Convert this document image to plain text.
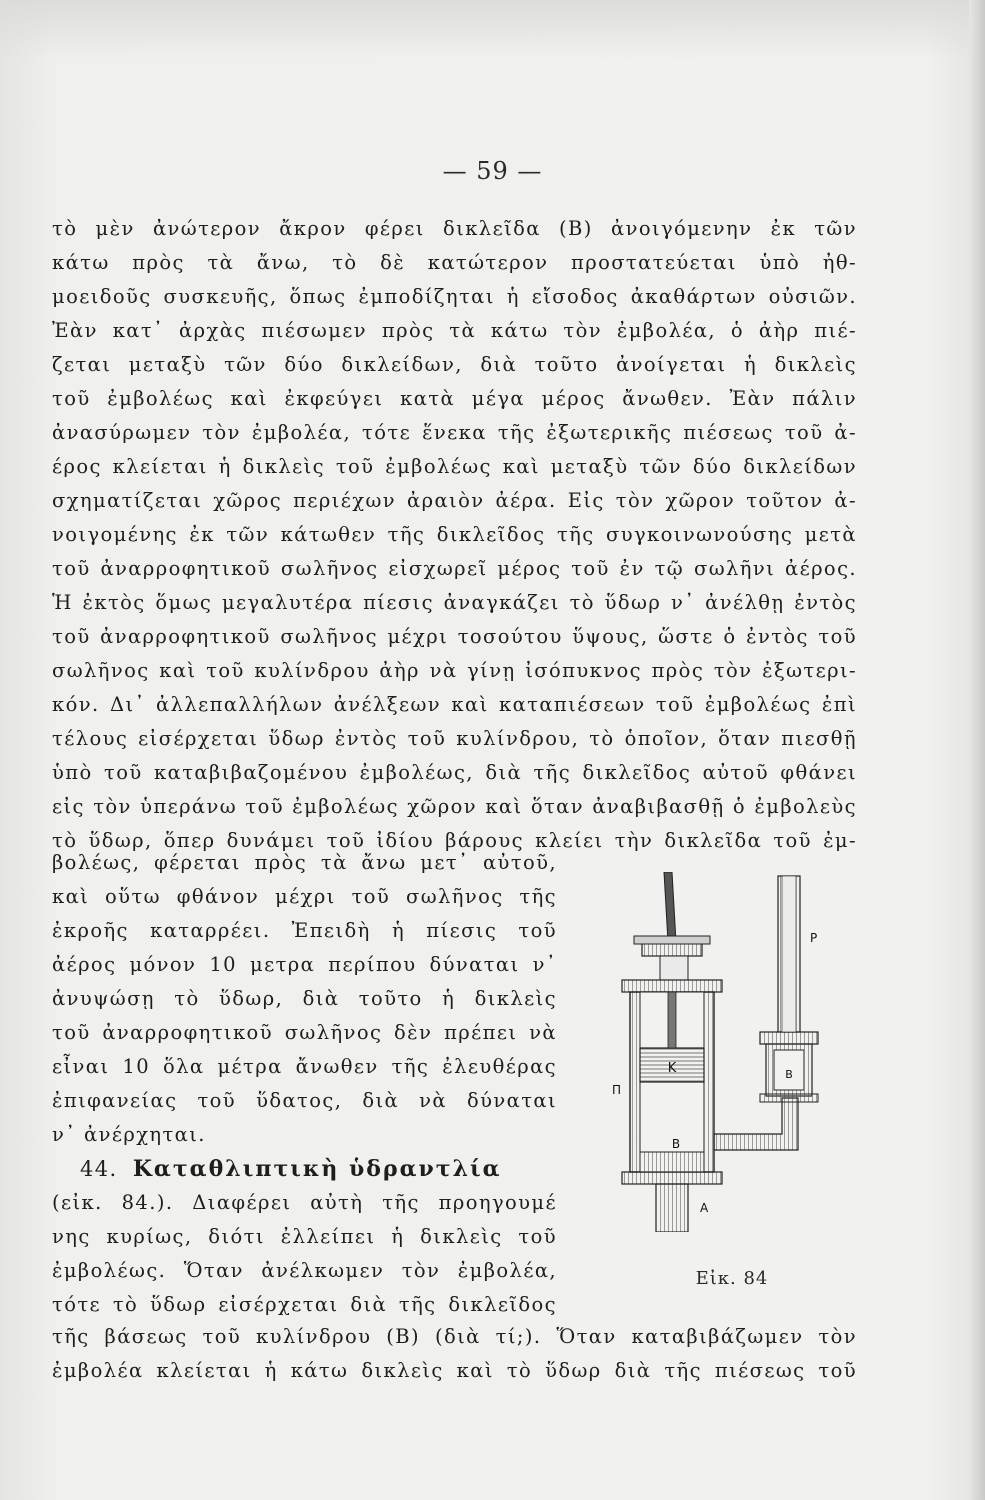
— 59 —
τὸ μὲν ἀνώτερον ἄκρον φέρει δικλεῖδα (Β) ἀνοιγόμενην ἐκ τῶν
κάτω πρὸς τὰ ἄνω, τὸ δὲ κατώτερον προστατεύεται ὑπὸ ἠθ-
μοειδοῦς συσκευῆς, ὅπως ἐμποδίζηται ἡ εἴσοδος ἀκαθάρτων οὐσιῶν.
Ἐὰν κατ᾽ ἀρχὰς πιέσωμεν πρὸς τὰ κάτω τὸν ἐμβολέα, ὁ ἀὴρ πιέ-
ζεται μεταξὺ τῶν δύο δικλείδων, διὰ τοῦτο ἀνοίγεται ἡ δικλεὶς
τοῦ ἐμβολέως καὶ ἐκφεύγει κατὰ μέγα μέρος ἄνωθεν. Ἐὰν πάλιν
ἀνασύρωμεν τὸν ἐμβολέα, τότε ἕνεκα τῆς ἐξωτερικῆς πιέσεως τοῦ ἀ-
έρος κλείεται ἡ δικλεὶς τοῦ ἐμβολέως καὶ μεταξὺ τῶν δύο δικλείδων
σχηματίζεται χῶρος περιέχων ἀραιὸν ἀέρα. Εἰς τὸν χῶρον τοῦτον ἀ-
νοιγομένης ἐκ τῶν κάτωθεν τῆς δικλεῖδος τῆς συγκοινωνούσης μετὰ
τοῦ ἀναρροφητικοῦ σωλῆνος εἰσχωρεῖ μέρος τοῦ ἐν τῷ σωλῆνι ἀέρος.
Ἡ ἐκτὸς ὅμως μεγαλυτέρα πίεσις ἀναγκάζει τὸ ὕδωρ ν᾽ ἀνέλθῃ ἐντὸς
τοῦ ἀναρροφητικοῦ σωλῆνος μέχρι τοσούτου ὕψους, ὥστε ὁ ἐντὸς τοῦ
σωλῆνος καὶ τοῦ κυλίνδρου ἀὴρ νὰ γίνῃ ἰσόπυκνος πρὸς τὸν ἐξωτερι-
κόν. Δι᾽ ἀλλεπαλλήλων ἀνέλξεων καὶ καταπιέσεων τοῦ ἐμβολέως ἐπὶ
τέλους εἰσέρχεται ὕδωρ ἐντὸς τοῦ κυλίνδρου, τὸ ὁποῖον, ὅταν πιεσθῇ
ὑπὸ τοῦ καταβιβαζομένου ἐμβολέως, διὰ τῆς δικλεῖδος αὐτοῦ φθάνει
εἰς τὸν ὑπεράνω τοῦ ἐμβολέως χῶρον καὶ ὅταν ἀναβιβασθῇ ὁ ἐμβολεὺς
τὸ ὕδωρ, ὅπερ δυνάμει τοῦ ἰδίου βάρους κλείει τὴν δικλεῖδα τοῦ ἐμ-
βολέως, φέρεται πρὸς τὰ ἄνω μετ᾽ αὐτοῦ,
καὶ οὕτω φθάνον μέχρι τοῦ σωλῆνος τῆς
ἐκροῆς καταρρέει. Ἐπειδὴ ἡ πίεσις τοῦ
ἀέρος μόνον 10 μετρα περίπου δύναται ν᾽
ἀνυψώσῃ τὸ ὕδωρ, διὰ τοῦτο ἡ δικλεὶς
τοῦ ἀναρροφητικοῦ σωλῆνος δὲν πρέπει νὰ
εἶναι 10 ὅλα μέτρα ἄνωθεν τῆς ἐλευθέρας
ἐπιφανείας τοῦ ὕδατος, διὰ νὰ δύναται
ν᾽ ἀνέρχηται.
44. Καταθλιπτικὴ ὑδραντλία
(εἰκ. 84.). Διαφέρει αὐτὴ τῆς προηγουμέ
νης κυρίως, διότι ἐλλείπει ἡ δικλεὶς τοῦ
ἐμβολέως. Ὅταν ἀνέλκωμεν τὸν ἐμβολέα,
τότε τὸ ὕδωρ εἰσέρχεται διὰ τῆς δικλεῖδος
τῆς βάσεως τοῦ κυλίνδρου (Β) (διὰ τί;). Ὅταν καταβιβάζωμεν τὸν
ἐμβολέα κλείεται ἡ κάτω δικλεὶς καὶ τὸ ὕδωρ διὰ τῆς πιέσεως τοῦ
Κ
Β
Α
Π
Β
Ρ
Εἰκ. 84
